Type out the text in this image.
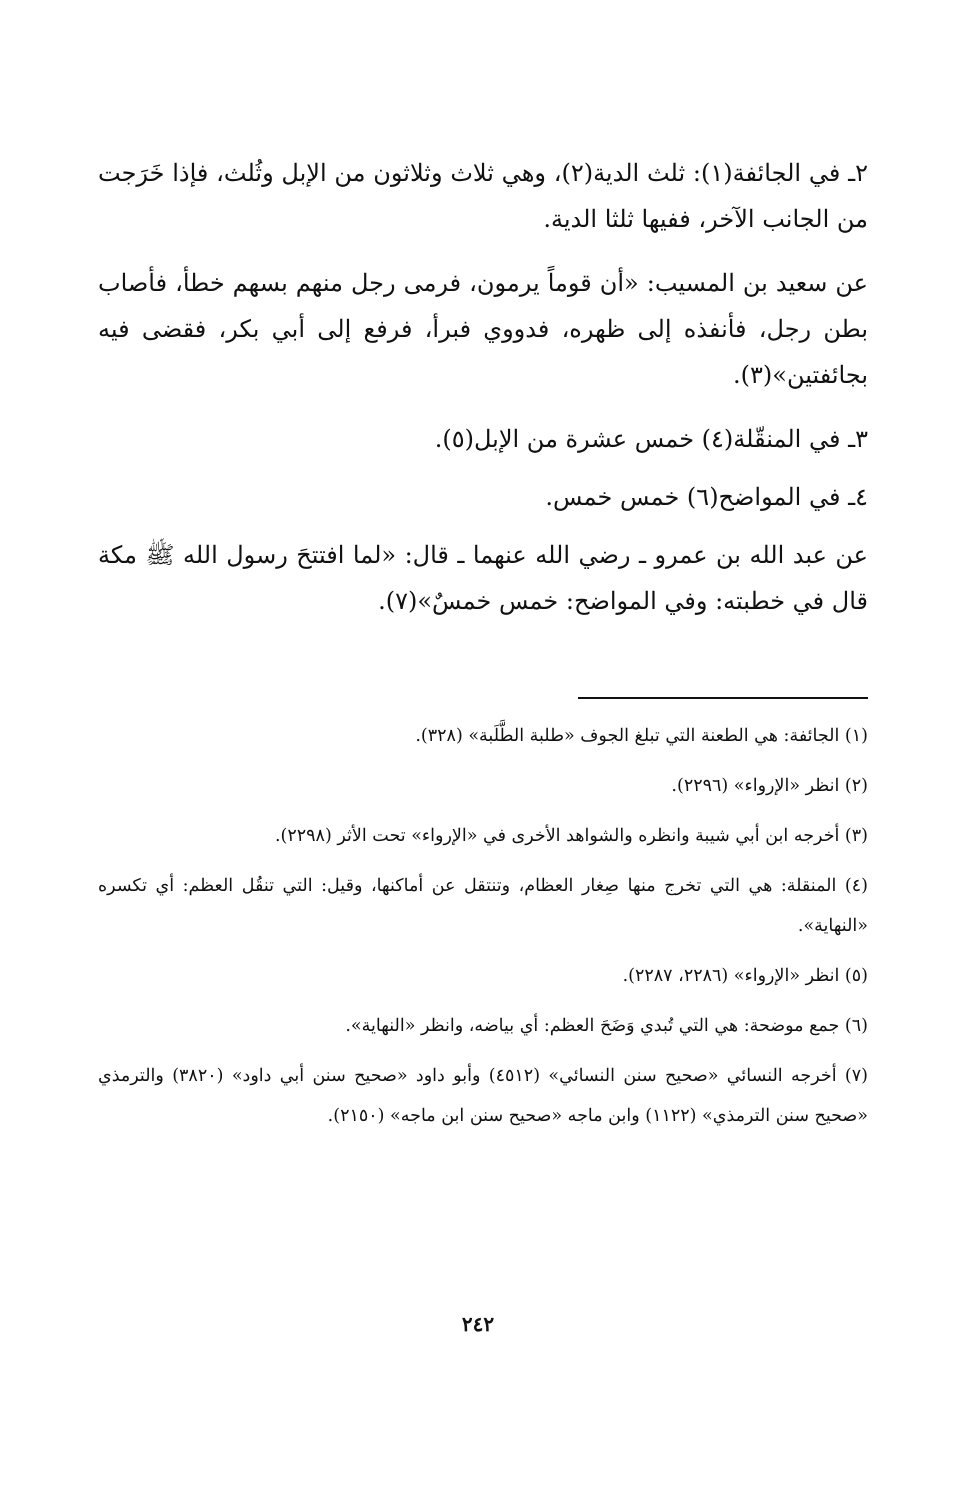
٢ـ في الجائفة(١): ثلث الدية(٢)، وهي ثلاث وثلاثون من الإبل وثُلث، فإذا خَرَجت من الجانب الآخر، ففيها ثلثا الدية.

عن سعيد بن المسيب: «أن قوماً يرمون، فرمى رجل منهم بسهم خطأ، فأصاب بطن رجل، فأنفذه إلى ظهره، فدووي فبرأ، فرفع إلى أبي بكر، فقضى فيه بجائفتين»(٣).

٣ـ في المنقّلة(٤) خمس عشرة من الإبل(٥).

٤ـ في المواضح(٦) خمس خمس.

عن عبد الله بن عمرو ـ رضي الله عنهما ـ قال: «لما افتتحَ رسول الله ﷺ مكة قال في خطبته: وفي المواضح: خمس خمسٌ»(٧).

(١) الجائفة: هي الطعنة التي تبلغ الجوف «طلبة الطَّلَبة» (٣٢٨).

(٢) انظر «الإرواء» (٢٢٩٦).

(٣) أخرجه ابن أبي شيبة وانظره والشواهد الأخرى في «الإرواء» تحت الأثر (٢٢٩٨).

(٤) المنقلة: هي التي تخرج منها صِغار العظام، وتنتقل عن أماكنها، وقيل: التي تنقُل العظم: أي تكسره «النهاية».

(٥) انظر «الإرواء» (٢٢٨٦، ٢٢٨٧).

(٦) جمع موضحة: هي التي تُبدي وَضَحَ العظم: أي بياضه، وانظر «النهاية».

(٧) أخرجه النسائي «صحيح سنن النسائي» (٤٥١٢) وأبو داود «صحيح سنن أبي داود» (٣٨٢٠) والترمذي «صحيح سنن الترمذي» (١١٢٢) وابن ماجه «صحيح سنن ابن ماجه» (٢١٥٠).

٢٤٢
